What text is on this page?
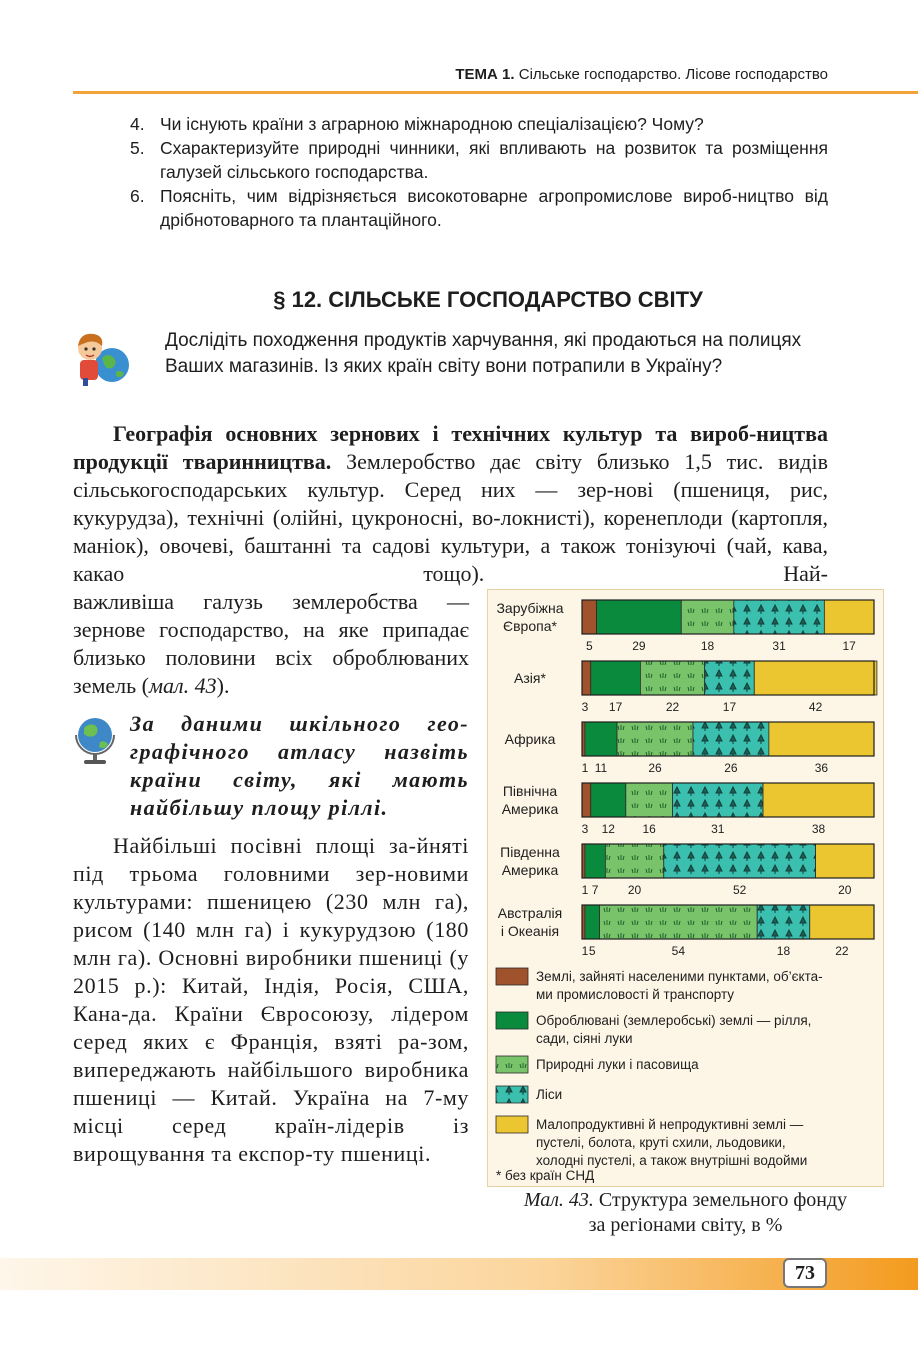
ТЕМА 1. Сільське господарство. Лісове господарство
4. Чи існують країни з аграрною міжнародною спеціалізацією? Чому?
5. Схарактеризуйте природні чинники, які впливають на розвиток та розміщення галузей сільського господарства.
6. Поясніть, чим відрізняється високотоварне агропромислове вироб-ництво від дрібнотоварного та плантаційного.
§ 12. СІЛЬСЬКЕ ГОСПОДАРСТВО СВІТУ
Дослідіть походження продуктів харчування, які продаються на полицях Ваших магазинів. Із яких країн світу вони потрапили в Україну?
Географія основних зернових і технічних культур та вироб-ництва продукції тваринництва. Землеробство дає світу близько 1,5 тис. видів сільськогосподарських культур. Серед них — зер-нові (пшениця, рис, кукурудза), технічні (олійні, цукроносні, во-локнисті), коренеплоди (картопля, маніок), овочеві, баштанні та садові культури, а також тонізуючі (чай, кава, какао тощо). Най-
важливіша галузь землеробства — зернове господарство, на яке припадає близько половини всіх оброблюваних земель (мал. 43).
За даними шкільного гео-графічного атласу назвіть країни світу, які мають найбільшу площу ріллі.
Найбільші посівні площі за-йняті під трьома головними зер-новими культурами: пшеницею (230 млн га), рисом (140 млн га) і кукурудзою (180 млн га). Основні виробники пшениці (у 2015 р.): Китай, Індія, Росія, США, Кана-да. Країни Євросоюзу, лідером серед яких є Франція, взяті ра-зом, випереджають найбільшого виробника пшениці — Китай. Україна на 7-му місці серед країн-лідерів із вирощування та експор-ту пшениці.
Зарубіжна Європа*
5	29	18	31	17
Азія*
3 17	22	17	42
Африка
1 11	26	26	36
Північна Америка
3 12 16	31	38
Південна Америка
1 7 20	52	20
Австралія і Океанія
1 5	54	18	22
Землі, зайняті населеними пунктами, об’єкта-ми промисловості й транспорту
Оброблювані (землеробські) землі — рілля, сади, сіяні луки
Природні луки і пасовища
Ліси
Малопродуктивні й непродуктивні землі — пустелі, болота, круті схили, льодовики, холодні пустелі, а також внутрішні водойми
* без країн СНД
Мал. 43. Структура земельного фонду
за регіонами світу, в %
73
